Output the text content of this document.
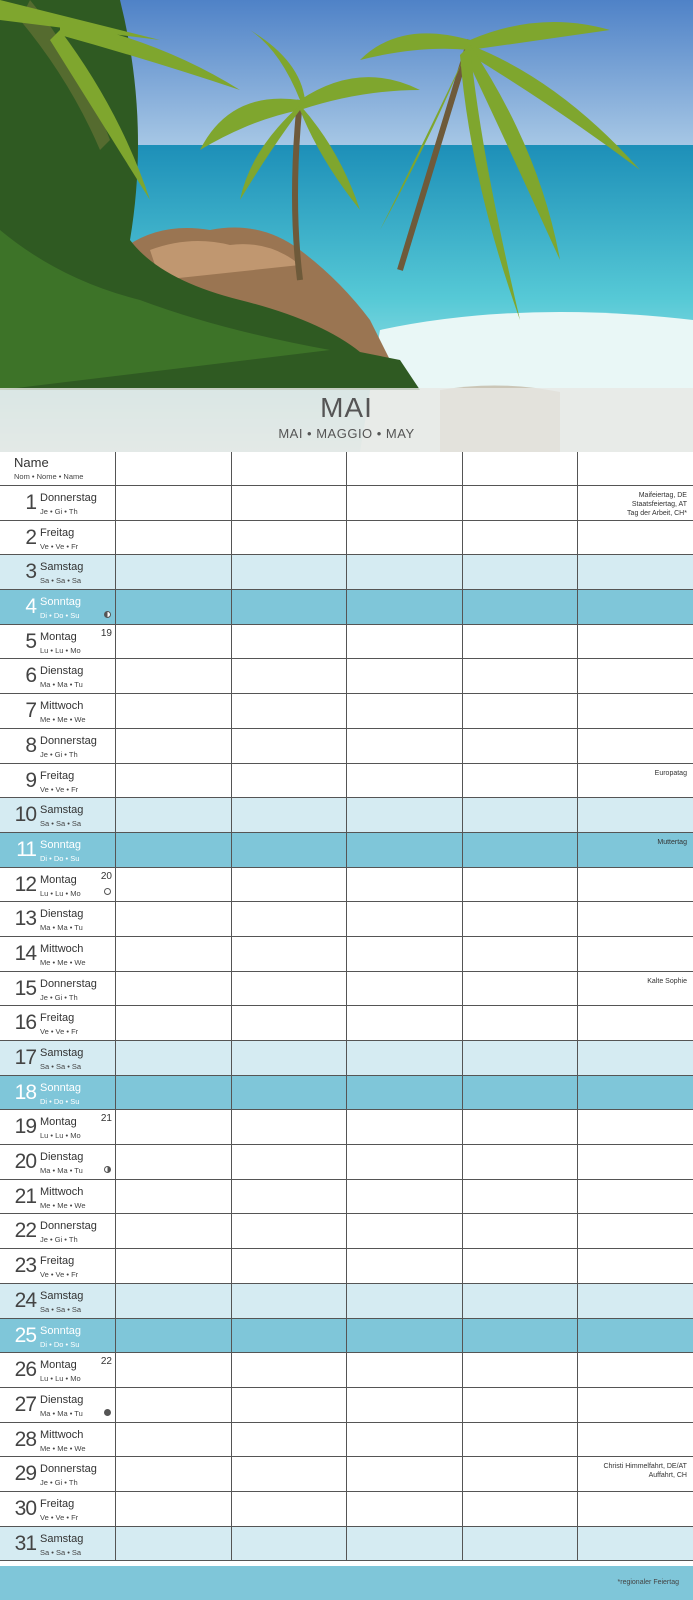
MAI
MAI • MAGGIO • MAY
Name
Nom • Nome • Name
1 Donnerstag
Je • Gi • Th
Maifeiertag, DE
Staatsfeiertag, AT
Tag der Arbeit, CH*
2 Freitag
Ve • Ve • Fr
3 Samstag
Sa • Sa • Sa
4 Sonntag
Di • Do • Su
5 Montag
Lu • Lu • Mo
19
6 Dienstag
Ma • Ma • Tu
7 Mittwoch
Me • Me • We
8 Donnerstag
Je • Gi • Th
9 Freitag
Ve • Ve • Fr
Europatag
10 Samstag
Sa • Sa • Sa
11 Sonntag
Di • Do • Su
Muttertag
12 Montag
Lu • Lu • Mo
20
13 Dienstag
Ma • Ma • Tu
14 Mittwoch
Me • Me • We
15 Donnerstag
Je • Gi • Th
Kalte Sophie
16 Freitag
Ve • Ve • Fr
17 Samstag
Sa • Sa • Sa
18 Sonntag
Di • Do • Su
19 Montag
Lu • Lu • Mo
21
20 Dienstag
Ma • Ma • Tu
21 Mittwoch
Me • Me • We
22 Donnerstag
Je • Gi • Th
23 Freitag
Ve • Ve • Fr
24 Samstag
Sa • Sa • Sa
25 Sonntag
Di • Do • Su
26 Montag
Lu • Lu • Mo
22
27 Dienstag
Ma • Ma • Tu
28 Mittwoch
Me • Me • We
29 Donnerstag
Je • Gi • Th
Christi Himmelfahrt, DE/AT
Auffahrt, CH
30 Freitag
Ve • Ve • Fr
31 Samstag
Sa • Sa • Sa
*regionaler Feiertag
